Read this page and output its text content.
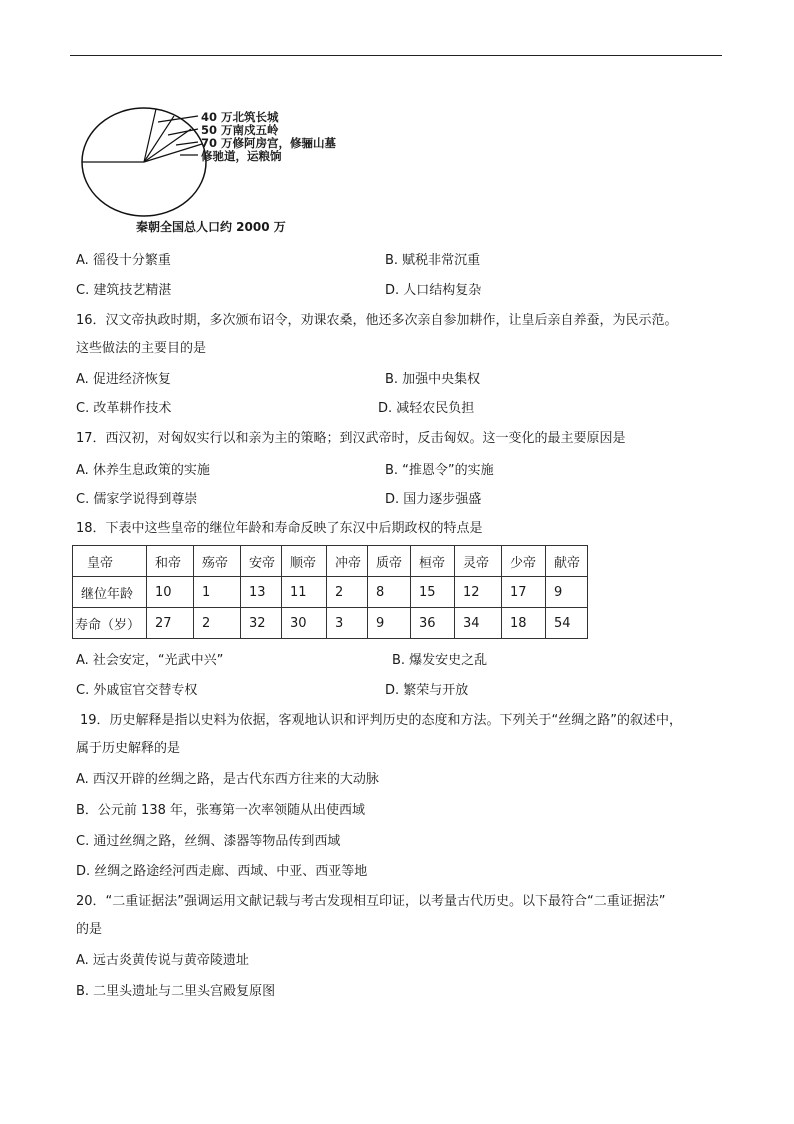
40 万北筑长城
50 万南戍五岭
70 万修阿房宫，修骊山墓
修驰道，运粮饷
秦朝全国总人口约 2000 万
A. 徭役十分繁重	B. 赋税非常沉重
C. 建筑技艺精湛	D. 人口结构复杂
16．汉文帝执政时期，多次颁布诏令，劝课农桑，他还多次亲自参加耕作，让皇后亲自养蚕，为民示范。
这些做法的主要目的是
A. 促进经济恢复	B. 加强中央集权
C. 改革耕作技术	D. 减轻农民负担
17．西汉初，对匈奴实行以和亲为主的策略；到汉武帝时，反击匈奴。这一变化的最主要原因是
A. 休养生息政策的实施	B. “推恩令”的实施
C. 儒家学说得到尊崇	D. 国力逐步强盛
18．下表中这些皇帝的继位年龄和寿命反映了东汉中后期政权的特点是
皇帝	和帝	殇帝	安帝	顺帝	冲帝	质帝	桓帝	灵帝	少帝	献帝
继位年龄	10	1	13	11	2	8	15	12	17	9
寿命（岁）	27	2	32	30	3	9	36	34	18	54
A. 社会安定，“光武中兴”	B. 爆发安史之乱
C. 外戚宦官交替专权	D. 繁荣与开放
19．历史解释是指以史料为依据，客观地认识和评判历史的态度和方法。下列关于“丝绸之路”的叙述中，
属于历史解释的是
A. 西汉开辟的丝绸之路，是古代东西方往来的大动脉
B．公元前 138 年，张骞第一次率领随从出使西域
C. 通过丝绸之路，丝绸、漆器等物品传到西域
D. 丝绸之路途经河西走廊、西域、中亚、西亚等地
20．“二重证据法”强调运用文献记载与考古发现相互印证，以考量古代历史。以下最符合“二重证据法”
的是
A. 远古炎黄传说与黄帝陵遗址
B. 二里头遗址与二里头宫殿复原图
